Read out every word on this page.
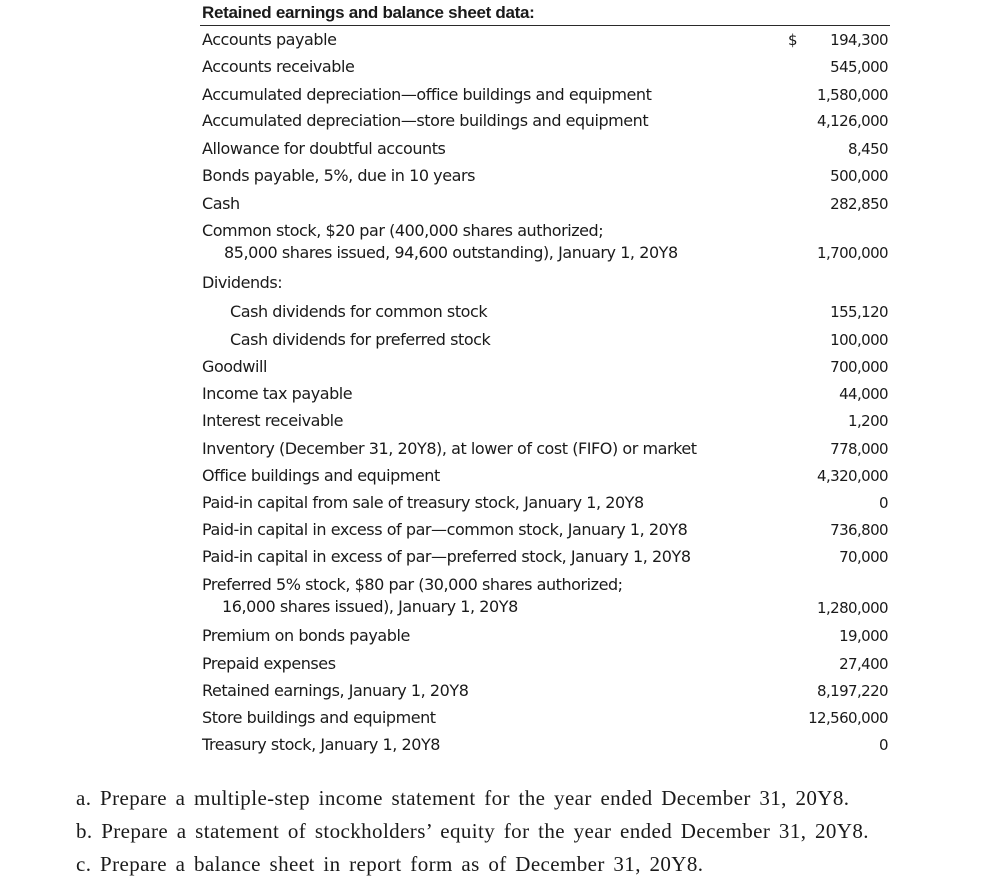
Retained earnings and balance sheet data:
Accounts payable	$	194,300
Accounts receivable	545,000
Accumulated depreciation—office buildings and equipment	1,580,000
Accumulated depreciation—store buildings and equipment	4,126,000
Allowance for doubtful accounts	8,450
Bonds payable, 5%, due in 10 years	500,000
Cash	282,850
Common stock, $20 par (400,000 shares authorized;
85,000 shares issued, 94,600 outstanding), January 1, 20Y8	1,700,000
Dividends:
Cash dividends for common stock	155,120
Cash dividends for preferred stock	100,000
Goodwill	700,000
Income tax payable	44,000
Interest receivable	1,200
Inventory (December 31, 20Y8), at lower of cost (FIFO) or market	778,000
Office buildings and equipment	4,320,000
Paid-in capital from sale of treasury stock, January 1, 20Y8	0
Paid-in capital in excess of par—common stock, January 1, 20Y8	736,800
Paid-in capital in excess of par—preferred stock, January 1, 20Y8	70,000
Preferred 5% stock, $80 par (30,000 shares authorized;
16,000 shares issued), January 1, 20Y8	1,280,000
Premium on bonds payable	19,000
Prepaid expenses	27,400
Retained earnings, January 1, 20Y8	8,197,220
Store buildings and equipment	12,560,000
Treasury stock, January 1, 20Y8	0
a. Prepare a multiple-step income statement for the year ended December 31, 20Y8.
b. Prepare a statement of stockholders’ equity for the year ended December 31, 20Y8.
c. Prepare a balance sheet in report form as of December 31, 20Y8.
